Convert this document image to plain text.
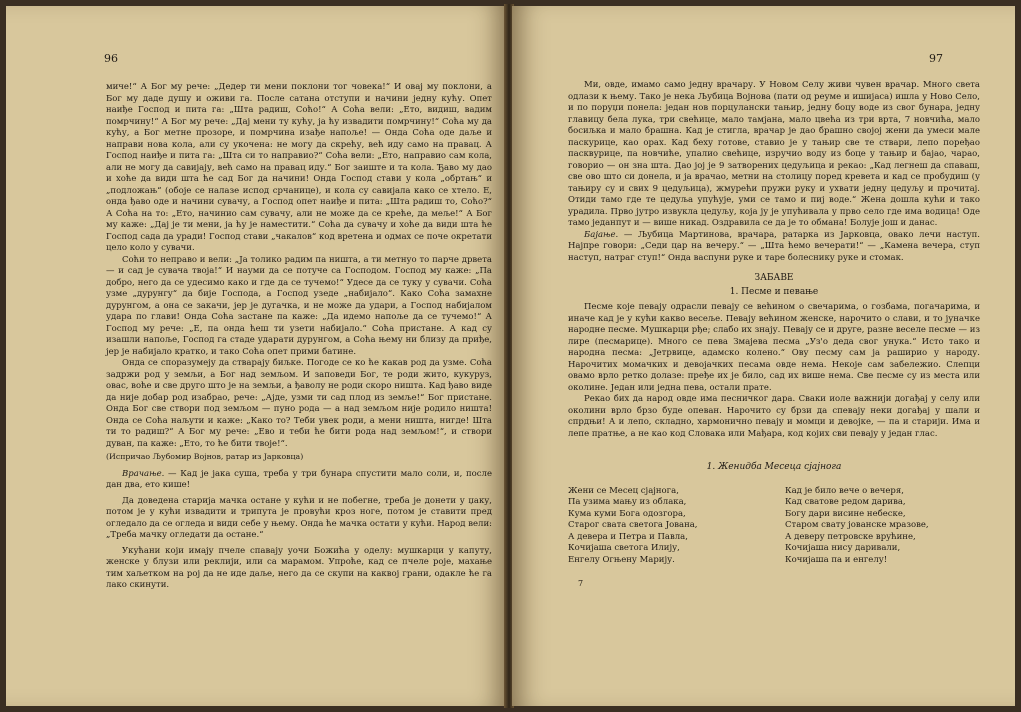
96

мичe!“ А Бог му рече: „Дедер ти мени поклони тог човека!“ И овај му поклони, а Бог му даде душу и оживи га. После сатана отступи и начини једну кућу. Опет наиђе Господ и пита га: „Шта радиш, Соћо!“ А Соћа вели: „Ето, видиш, вадим помрчину!“ А Бог му рече: „Дај мени ту кућу, ја ћу извадити помрчину!“ Соћа му да кућу, а Бог метне прозоре, и помрчина изађе напоље! — Онда Соћа оде даље и направи нова кола, али су укочена: не могу да скрећу, већ иду само на правац. А Господ наиђе и пита га: „Шта си то направио?“ Соћа вели: „Ето, направио сам кола, али не могу да савијају, већ само на правац иду.“ Бог заиште и та кола. Ђаво му дао и хоће да види шта ће сад Бог да начини! Онда Господ стави у кола „обртањ“ и „подложањ“ (обоје се налазе испод срчанице), и кола су савијала како се хтело. Е, онда ђаво оде и начини сувачу, а Господ опет наиђе и пита: „Шта радиш то, Соћо?“ А Соћа на то: „Ето, начинио сам сувачу, али не може да се креће, да меље!“ А Бог му каже: „Дај је ти мени, ја ћу је наместити.“ Соћа да сувачу и хоће да види шта ће Господ сада да уради! Господ стави „чакалов“ код вретена и одмах се поче окретати цело коло у сувачи.

Соћи то неправо и вели: „Ја толико радим па ништа, а ти метнуо то парче дрвета — и сад је сувача твоја!“ И науми да се потуче са Господом. Господ му каже: „Па добро, него да се удесимо како и где да се тучемо!“ Удесе да се туку у сувачи. Соћа узме „дурунгу“ да бије Господа, а Господ узеде „набијало“. Како Соћа замахне дурунгом, а она се закачи, јер је дугачка, и не може да удари, а Господ набијалом удара по глави! Онда Соћа застане па каже: „Да идемо напоље да се тучемо!“ А Господ му рече: „Е, па онда ћеш ти узети набијало.“ Соћа пристане. А кад су изашли напоље, Господ га стаде ударати дурунгом, а Соћа њему ни близу да приђе, јер је набијало кратко, и тако Соћа опет прими батине.

Онда се споразумеју да стварају биљке. Погоде се ко ће какав род да узме. Соћа задржи род у земљи, а Бог над земљом. И заповеди Бог, те роди жито, кукуруз, овас, воће и све друго што је на земљи, а ђаволу не роди скоро ништа. Кад ђаво виде да није добар род изабрао, рече: „Ајде, узми ти сад плод из земље!“ Бог пристане. Онда Бог све створи под земљом — пуно рода — а над земљом није родило ништа! Онда се Соћа наљути и каже: „Како то? Теби увек роди, а мени ништа, нигде! Шта ти то радиш?“ А Бог му рече: „Ево и теби ће бити рода над земљом!“, и створи дуван, па каже: „Ето, то ће бити твоје!“.

(Испричао Љубомир Војнов, ратар из Јарковца)

Врачање. — Кад је јака суша, треба у три бунара спустити мало соли, и, после дан два, ето кише!

Да доведена старија мачка остане у кући и не побегне, треба је донети у џаку, потом је у кући извадити и трипута је провући кроз ноге, потом је ставити пред огледало да се огледа и види себе у њему. Онда ће мачка остати у кући. Народ вели: „Треба мачку огледати да остане.“

Укућани који имају пчеле спавају уочи Божића у оделу: мушкарци у капуту, женске у блузи или реклији, или са марамом. Упроће, кад се пчеле роје, махање тим хаљетком на рој да не иде даље, него да се скупи на каквој грани, одакле ће га лако скинути.

97

Ми, овде, имамо само једну врачару. У Новом Селу живи чувен врачар. Много света одлази к њему. Тако је нека Љубица Војнова (пати од реуме и ишијаса) ишла у Ново Село, и по поруџи понела: један нов порцулански тањир, једну боцу воде из свог бунара, једну главицу бела лука, три свећице, мало тамјана, мало цвећа из три врта, 7 новчића, мало босиљка и мало брашна. Кад је стигла, врачар је дао брашно својој жени да умеси мале паскурице, као орах. Кад беху готове, ставио је у тањир све те ствари, лепо поређао пасквурице, па новчиће, упалио свећице, изручио воду из боце у тањир и бајао, чарао, говорио — он зна шта. Дао јој је 9 затворених цедуљица и рекао: „Кад легнеш да спаваш, све ово што си донела, и ја врачао, метни на столицу поред кревета и кад се пробудиш (у тањиру су и свих 9 цедуљица), жмурећи пружи руку и ухвати једну цедуљу и прочитај. Отиди тамо где те цедуља упућује, уми се тамо и пиј воде.“ Жена дошла кући и тако урадила. Прво јутро извукла цедуљу, која ју је упућивала у прво село где има водица! Оде тамо једанпут и — више никад. Оздравила се да је то обмана! Болује још и данас.

Бајање. — Љубица Мартинова, врачара, ратарка из Јарковца, овако лечи наступ. Најпре говори: „Седи цар на вечеру.“ — „Шта ћемо вечерати!“ — „Камена вечера, ступ наступ, натраг ступ!“ Онда васпуни руке и таре болеснику руке и стомак.

ЗАБАВЕ
1. Песме и певање

Песме које певају одрасли певају се већином о свечарима, о гозбама, погачарима, и иначе кад је у кући какво весеље. Певају већином женске, нарочито о слави, и то јуначке народне песме. Мушкарци рђе; слабо их знају. Певају се и друге, разне веселе песме — из лире (песмарице). Много се пева Змајева песма „Уз'о деда свог унука.“ Исто тако и народна песма: „Јетрвице, адамско колено.“ Ову песму сам ја раширио у народу. Нарочитих момачких и девојачких песама овде нема. Некоје сам забележио. Слепци овамо врло ретко долазе: пређе их је било, сад их више нема. Све песме су из места или околине. Један или једна пева, остали прате.

Рекао бих да народ овде има песничког дара. Сваки иоле важнији догађај у селу или околини врло брзо буде опеван. Нарочито су брзи да спевају неки догађај у шали и спрдњи! А и лепо, складно, хармонично певају и момци и девојке, — па и старији. Има и лепе пратње, а не као код Словака или Мађара, код којих сви певају у један глас.

1. Женидба Месеца сјајнога
Жени се Месец сјајнога,
Па узима мању из облака,
Кума куми Бога одозгора,
Старог свата светога Јована,
А девера и Петра и Павла,
Кочијаша светога Илију,
Енгелу Огњену Марију.
Кад је било вече о вечеря,
Кад сватове редом дарива,
Богу дари висине небеске,
Старом свату јованске мразове,
А деверу петровске врућине,
Кочијаша нису даривали,
Кочијаша па и енгелу!
7
